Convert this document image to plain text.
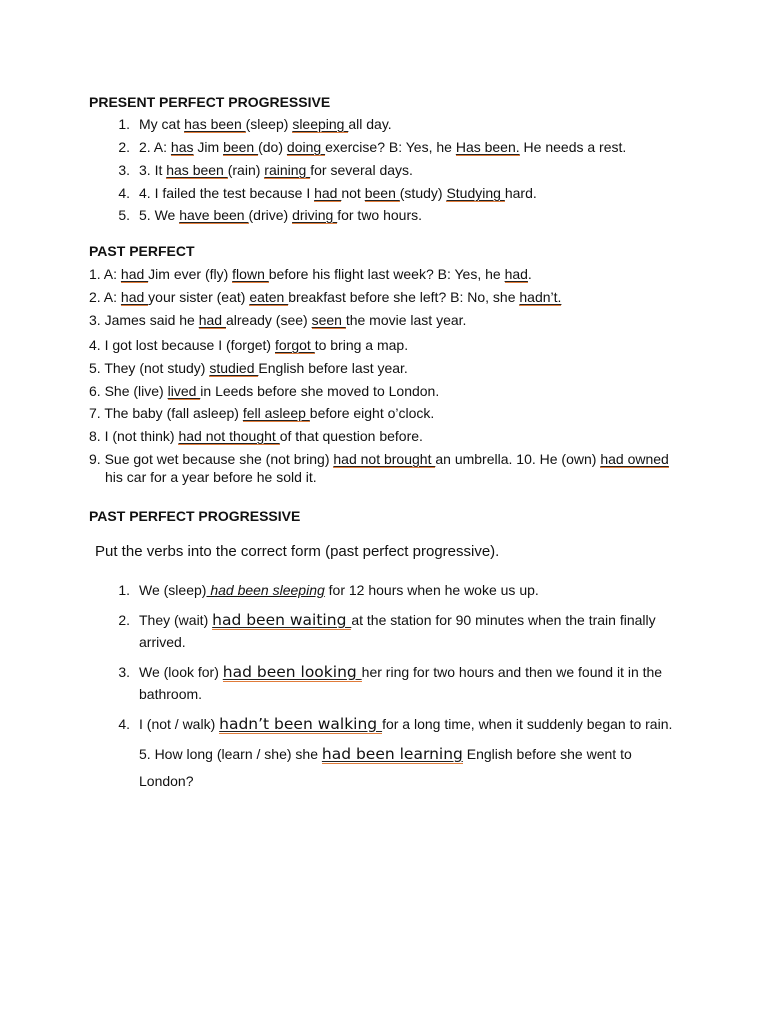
PRESENT PERFECT PROGRESSIVE
1. My cat has been (sleep) sleeping all day.
2. 2. A: has Jim been (do) doing exercise? B: Yes, he Has been. He needs a rest.
3. 3. It has been (rain) raining for several days.
4. 4. I failed the test because I had not been (study) Studying hard.
5. 5. We have been (drive) driving for two hours.
PAST PERFECT
1. A: had Jim ever (fly) flown before his flight last week? B: Yes, he had.
2. A: had your sister (eat) eaten breakfast before she left? B: No, she hadn’t.
3. James said he had already (see) seen the movie last year.
4. I got lost because I (forget) forgot to bring a map.
5. They (not study) studied English before last year.
6. She (live) lived in Leeds before she moved to London.
7. The baby (fall asleep) fell asleep before eight o’clock.
8. I (not think) had not thought of that question before.
9. Sue got wet because she (not bring) had not brought an umbrella. 10. He (own) had owned
his car for a year before he sold it.
PAST PERFECT PROGRESSIVE
Put the verbs into the correct form (past perfect progressive).
1. We (sleep) had been sleeping for 12 hours when he woke us up.
2. They (wait) had been waiting at the station for 90 minutes when the train finally
arrived.
3. We (look for) had been looking her ring for two hours and then we found it in the
bathroom.
4. I (not / walk) hadn’t been walking for a long time, when it suddenly began to rain.
5. How long (learn / she) she had been learning English before she went to
London?
